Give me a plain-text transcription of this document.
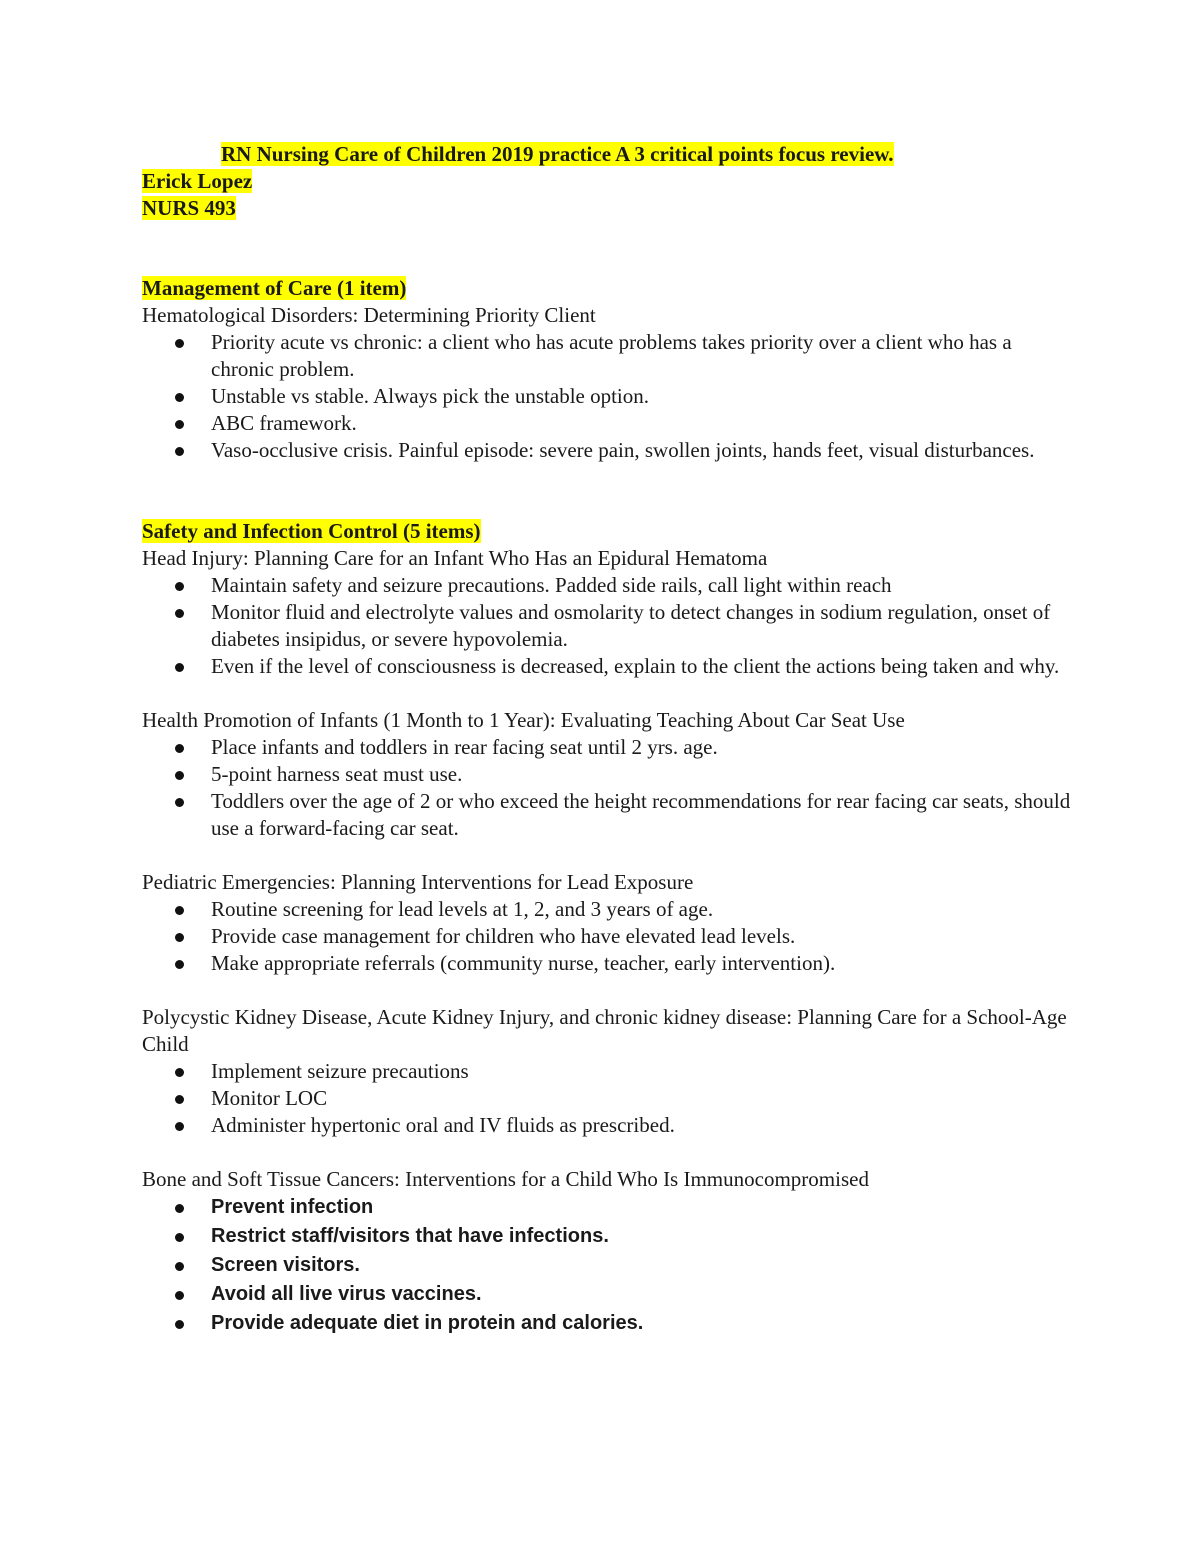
RN Nursing Care of Children 2019 practice A 3 critical points focus review.

Erick Lopez

NURS 493

Management of Care (1 item)

Hematological Disorders: Determining Priority Client

Priority acute vs chronic: a client who has acute problems takes priority over a client who has a chronic problem.
Unstable vs stable. Always pick the unstable option.
ABC framework.
Vaso-occlusive crisis. Painful episode: severe pain, swollen joints, hands feet, visual disturbances.

Safety and Infection Control (5 items)

Head Injury: Planning Care for an Infant Who Has an Epidural Hematoma

Maintain safety and seizure precautions. Padded side rails, call light within reach
Monitor fluid and electrolyte values and osmolarity to detect changes in sodium regulation, onset of diabetes insipidus, or severe hypovolemia.
Even if the level of consciousness is decreased, explain to the client the actions being taken and why.

Health Promotion of Infants (1 Month to 1 Year): Evaluating Teaching About Car Seat Use

Place infants and toddlers in rear facing seat until 2 yrs. age.
5-point harness seat must use.
Toddlers over the age of 2 or who exceed the height recommendations for rear facing car seats, should use a forward-facing car seat.

Pediatric Emergencies: Planning Interventions for Lead Exposure

Routine screening for lead levels at 1, 2, and 3 years of age.
Provide case management for children who have elevated lead levels.
Make appropriate referrals (community nurse, teacher, early intervention).

Polycystic Kidney Disease, Acute Kidney Injury, and chronic kidney disease: Planning Care for a School-Age Child

Implement seizure precautions
Monitor LOC
Administer hypertonic oral and IV fluids as prescribed.

Bone and Soft Tissue Cancers: Interventions for a Child Who Is Immunocompromised

Prevent infection
Restrict staff/visitors that have infections.
Screen visitors.
Avoid all live virus vaccines.
Provide adequate diet in protein and calories.
